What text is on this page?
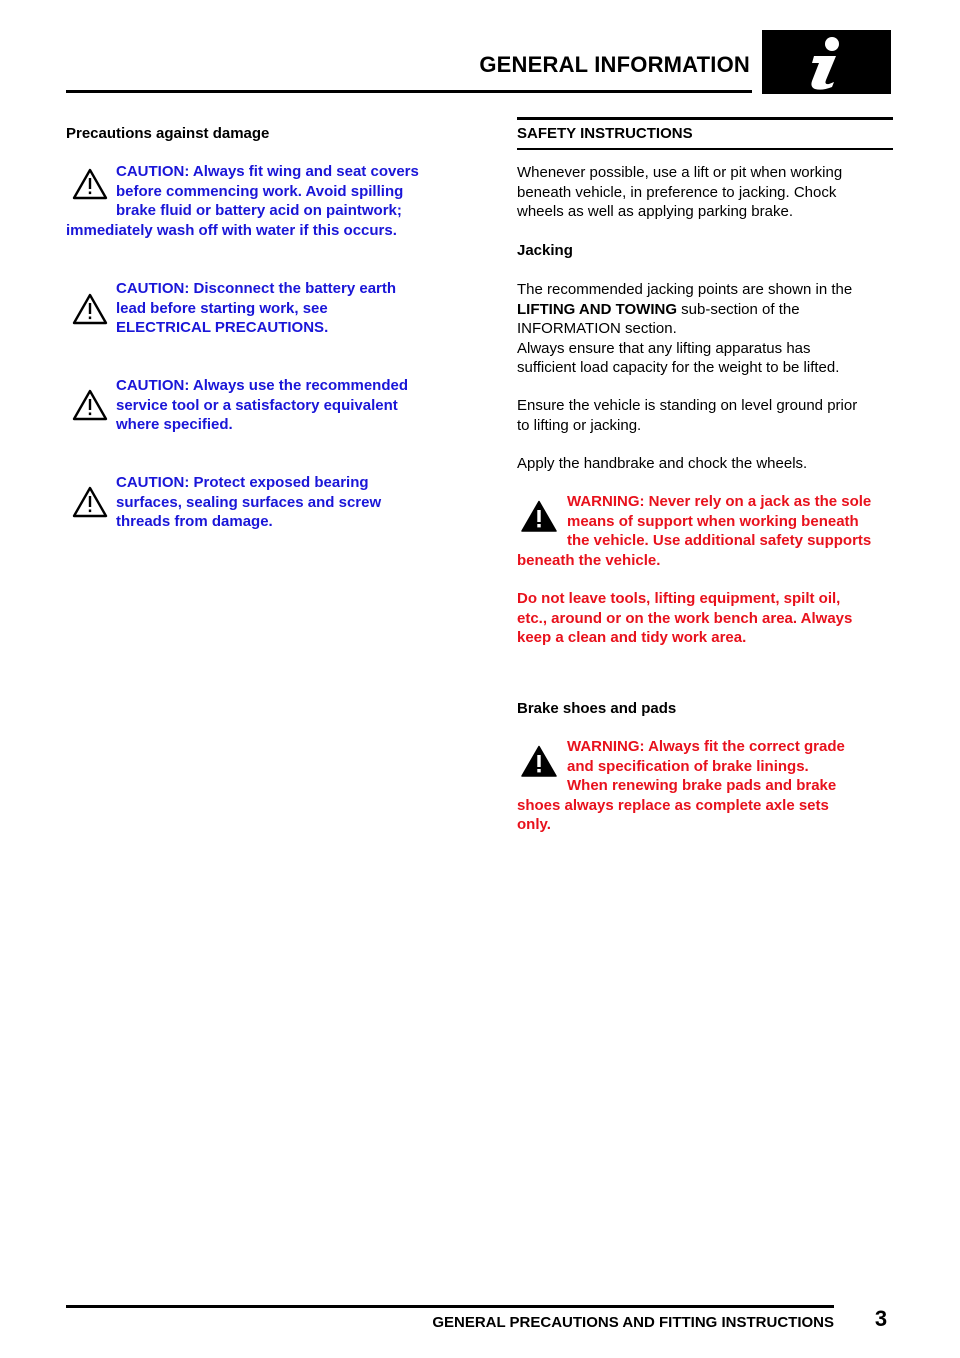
GENERAL INFORMATION
Precautions against damage
CAUTION: Always fit wing and seat covers
before commencing work. Avoid spilling
brake fluid or battery acid on paintwork;
immediately wash off with water if this occurs.
CAUTION: Disconnect the battery earth
lead before starting work, see
ELECTRICAL PRECAUTIONS.
CAUTION: Always use the recommended
service tool or a satisfactory equivalent
where specified.
CAUTION: Protect exposed bearing
surfaces, sealing surfaces and screw
threads from damage.
SAFETY INSTRUCTIONS
Whenever possible, use a lift or pit when working
beneath vehicle, in preference to jacking. Chock
wheels as well as applying parking brake.
Jacking
The recommended jacking points are shown in the
LIFTING AND TOWING sub-section of the
INFORMATION section.
Always ensure that any lifting apparatus has
sufficient load capacity for the weight to be lifted.
Ensure the vehicle is standing on level ground prior
to lifting or jacking.
Apply the handbrake and chock the wheels.
WARNING: Never rely on a jack as the sole
means of support when working beneath
the vehicle. Use additional safety supports
beneath the vehicle.
Do not leave tools, lifting equipment, spilt oil,
etc., around or on the work bench area. Always
keep a clean and tidy work area.
Brake shoes and pads
WARNING: Always fit the correct grade
and specification of brake linings.
When renewing brake pads and brake
shoes always replace as complete axle sets
only.
GENERAL PRECAUTIONS AND FITTING INSTRUCTIONS	3
